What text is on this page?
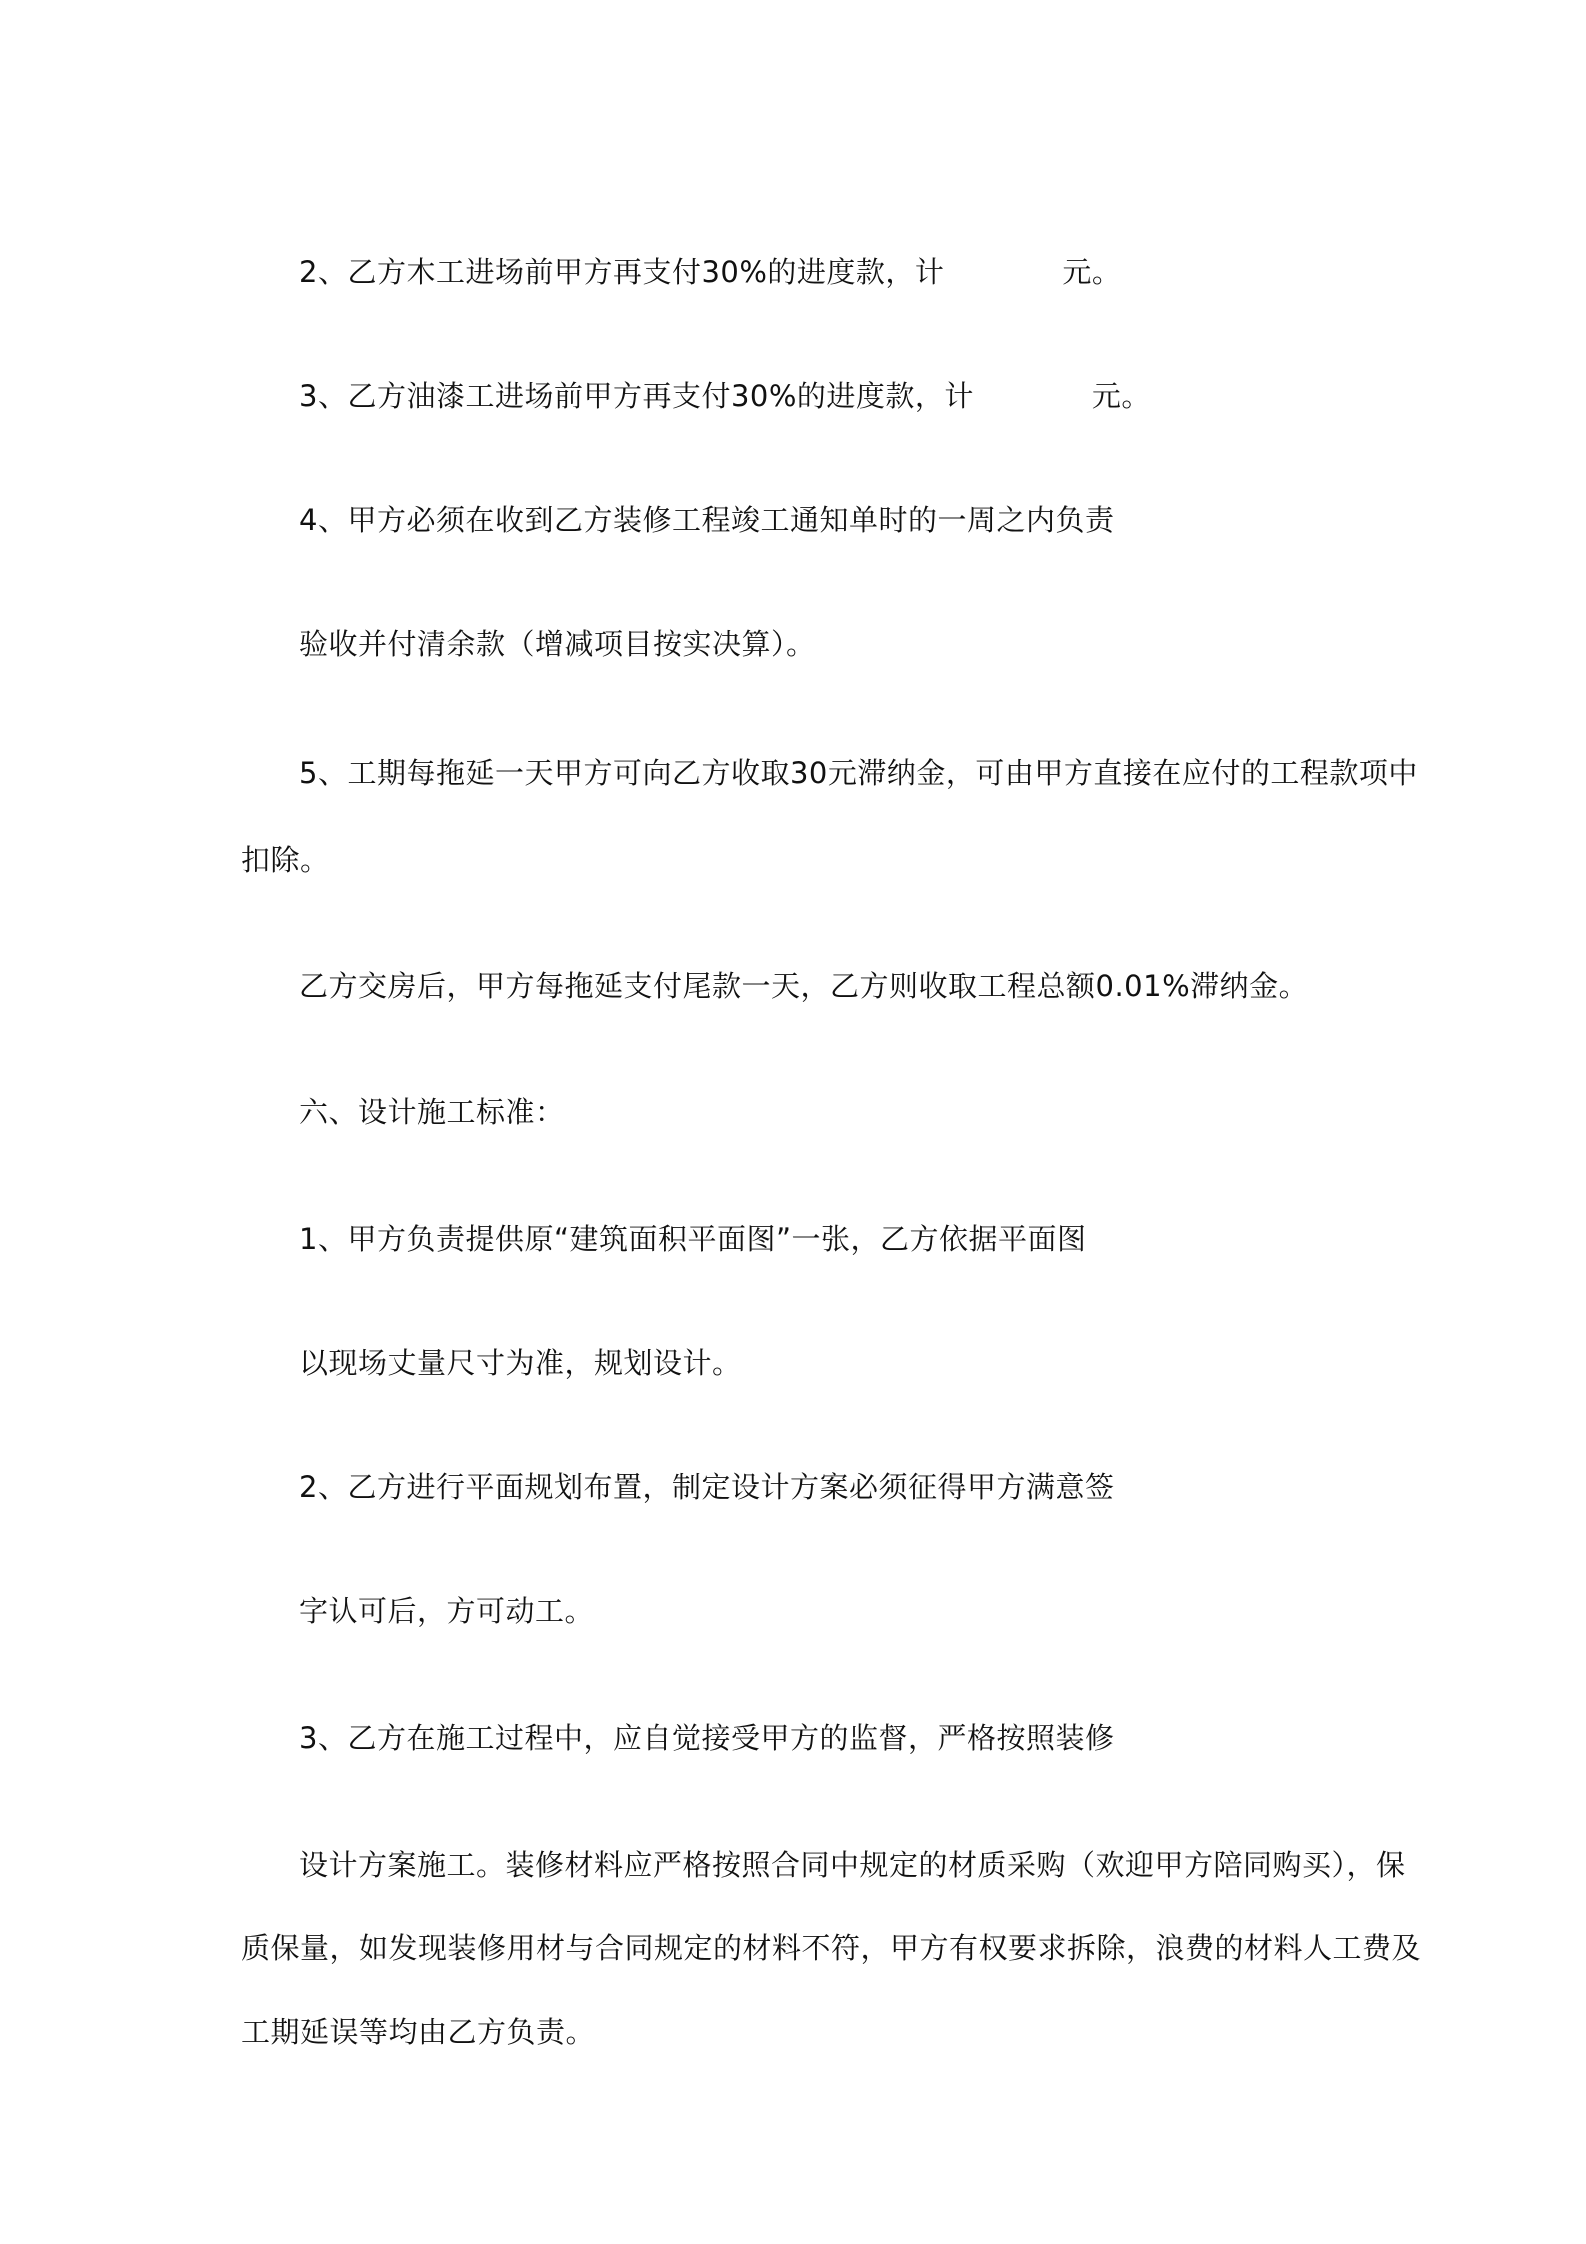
2、乙方木工进场前甲方再支付30%的进度款，计　　　　元。
3、乙方油漆工进场前甲方再支付30%的进度款，计　　　　元。
4、甲方必须在收到乙方装修工程竣工通知单时的一周之内负责
验收并付清余款（增减项目按实决算）。
5、工期每拖延一天甲方可向乙方收取30元滞纳金，可由甲方直接在应付的工程款项中
扣除。
乙方交房后，甲方每拖延支付尾款一天，乙方则收取工程总额0.01%滞纳金。
六、设计施工标准：
1、甲方负责提供原“建筑面积平面图”一张，乙方依据平面图
以现场丈量尺寸为准，规划设计。
2、乙方进行平面规划布置，制定设计方案必须征得甲方满意签
字认可后，方可动工。
3、乙方在施工过程中，应自觉接受甲方的监督，严格按照装修
设计方案施工。装修材料应严格按照合同中规定的材质采购（欢迎甲方陪同购买），保
质保量，如发现装修用材与合同规定的材料不符，甲方有权要求拆除，浪费的材料人工费及
工期延误等均由乙方负责。
